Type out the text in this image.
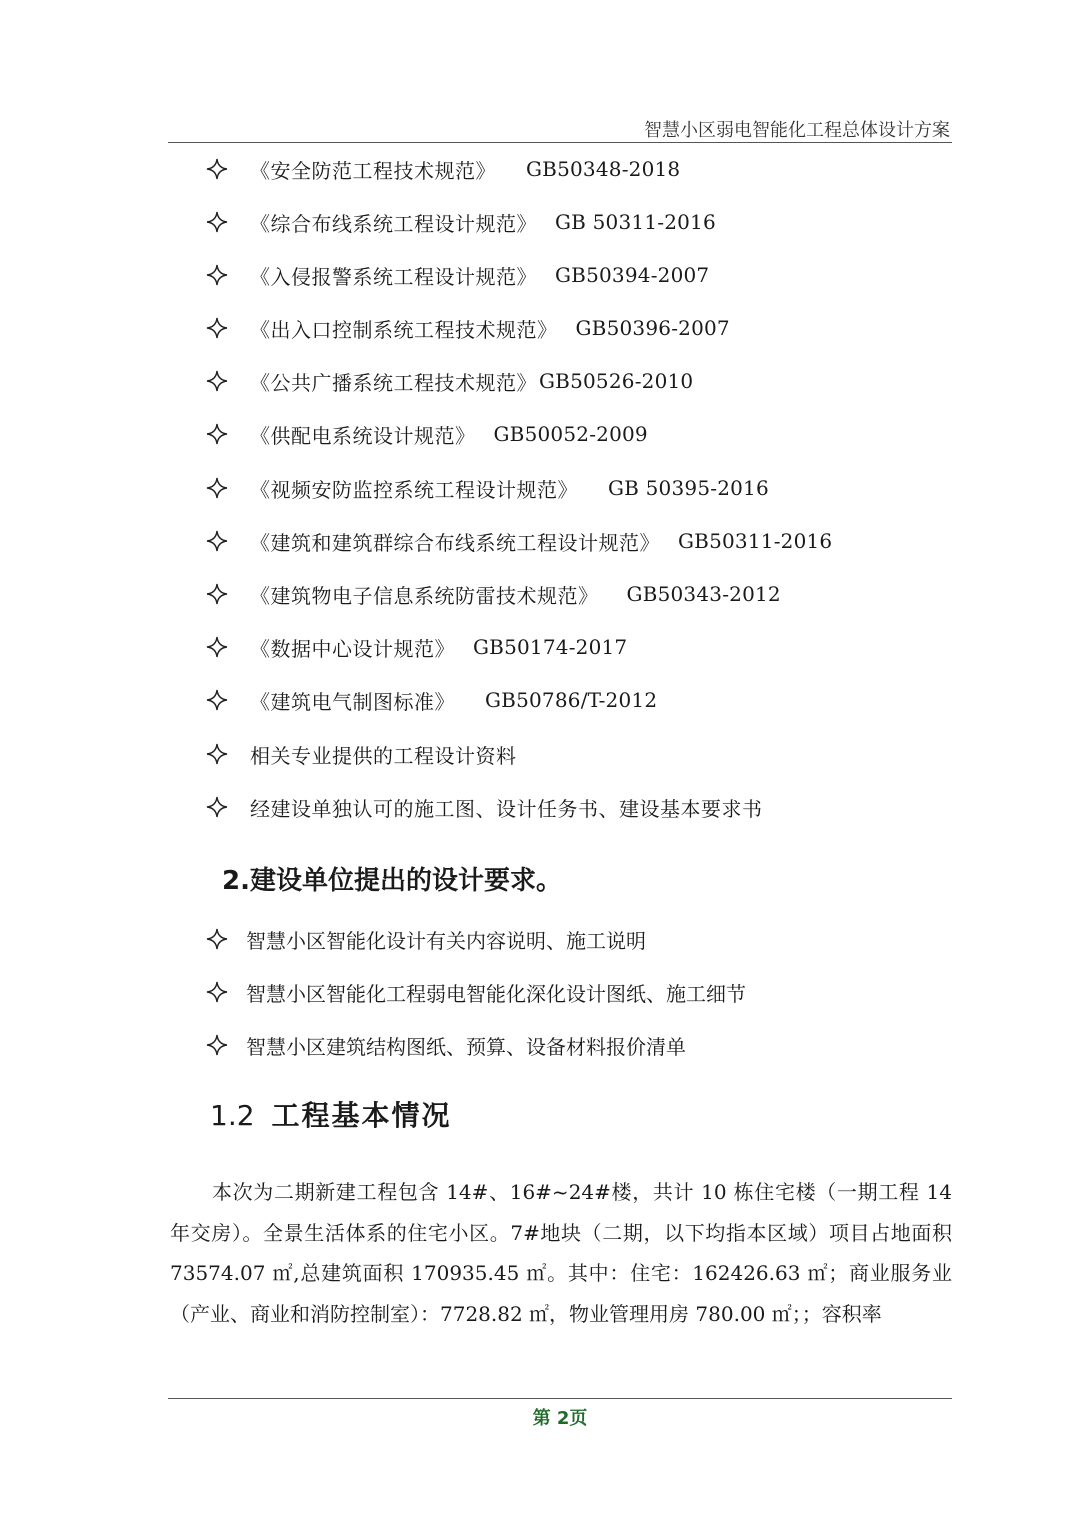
智慧小区弱电智能化工程总体设计方案
《安全防范工程技术规范》 GB50348-2018
《综合布线系统工程设计规范》 GB 50311-2016
《入侵报警系统工程设计规范》 GB50394-2007
《出入口控制系统工程技术规范》 GB50396-2007
《公共广播系统工程技术规范》 GB50526-2010
《供配电系统设计规范》 GB50052-2009
《视频安防监控系统工程设计规范》 GB 50395-2016
《建筑和建筑群综合布线系统工程设计规范》 GB50311-2016
《建筑物电子信息系统防雷技术规范》 GB50343-2012
《数据中心设计规范》 GB50174-2017
《建筑电气制图标准》 GB50786/T-2012
相关专业提供的工程设计资料
经建设单独认可的施工图、设计任务书、建设基本要求书
2.建设单位提出的设计要求。
智慧小区智能化设计有关内容说明、施工说明
智慧小区智能化工程弱电智能化深化设计图纸、施工细节
智慧小区建筑结构图纸、预算、设备材料报价清单
1.2 工程基本情况
本次为二期新建工程包含 14#、16#~24#楼，共计 10 栋住宅楼（一期工程 14 年交房）。全景生活体系的住宅小区。7#地块（二期，以下均指本区域）项目占地面积 73574.07 ㎡,总建筑面积 170935.45 ㎡。其中：住宅：162426.63 ㎡；商业服务业（产业、商业和消防控制室）：7728.82 ㎡，物业管理用房 780.00 ㎡；；容积率
第 2页
